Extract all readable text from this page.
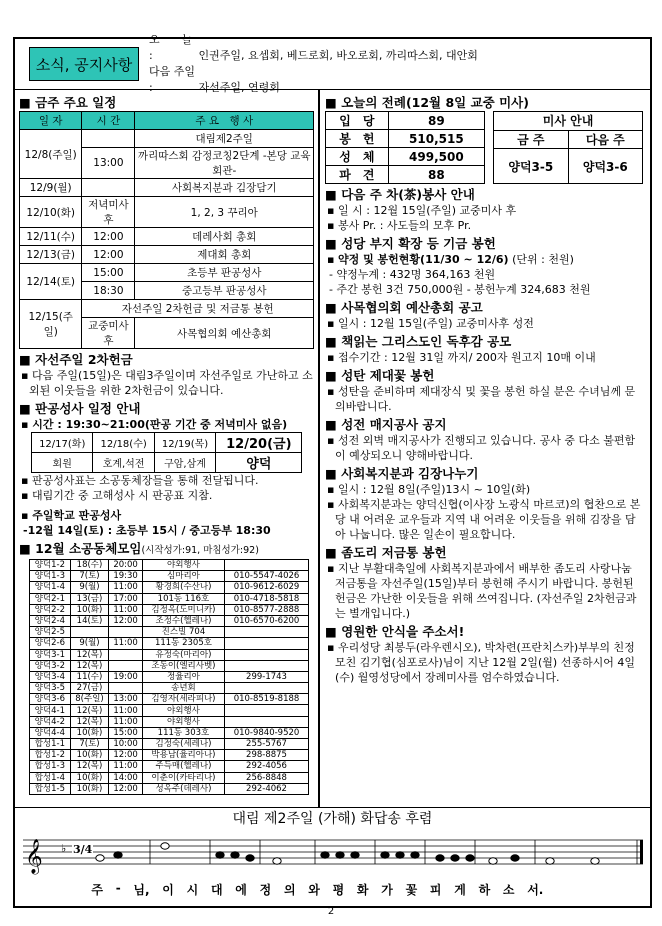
소식, 공지사항
오　　늘 :	인권주일, 요셉회, 베드로회, 바오로회, 까리따스회, 대안회
다음 주일 :	자선주일, 연령회
■ 금주 주요 일정
일 자	시 간	주 요　행 사
12/8(주일)		대림제2주일
	13:00	까리따스회 감정코칭2단계 -본당 교육회관-
12/9(월)		사회복지분과 김장담기
12/10(화)	저녁미사후	1, 2, 3 꾸리아
12/11(수)	12:00	데레사회 총회
12/13(금)	12:00	제대회 총회
12/14(토)	15:00	초등부 판공성사
	18:30	중고등부 판공성사
12/15(주일)	자선주일 2차헌금 및 저금통 봉헌	
	교중미사후	사목협의회 예산총회
■ 자선주일 2차헌금
▪ 다음 주일(15일)은 대림3주일이며 자선주일로 가난하고 소외된 이웃들을 위한 2차헌금이 있습니다.
■ 판공성사 일정 안내
▪ 시간 : 19:30~21:00(판공 기간 중 저녁미사 없음)
12/17(화)	12/18(수)	12/19(목)	12/20(금)
회원	호계,석전	구암,삼계	양덕
▪ 판공성사표는 소공동체장들을 통해 전달됩니다.
▪ 대림기간 중 고해성사 시 판공표 지참.
▪ 주일학교 판공성사
-12월 14일(토) : 초등부 15시 / 중고등부 18:30
■ 12월 소공동체모임(시작성가:91, 마침성가:92)
양덕1-2	18(수)	20:00	야외행사	
양덕1-3	7(토)	19:30	심마리아	010-5547-4026
양덕1-4	9(월)	11:00	황경희(수산나)	010-9612-6029
양덕2-1	13(금)	17:00	101동 116호	010-4718-5818
양덕2-2	10(화)	11:00	김정옥(도미니카)	010-8577-2888
양덕2-4	14(토)	12:00	조정수(헬레나)	010-6570-6200
양덕2-5			진스빌 704	
양덕2-6	9(월)	11:00	111동 2305호	
양덕3-1	12(목)		유정숙(마리아)	
양덕3-2	12(목)		조동이(엘리사벳)	
양덕3-4	11(수)	19:00	정율리아	299-1743
양덕3-5	27(금)		송년회	
양덕3-6	8(주일)	13:00	김영자(세라피나)	010-8519-8188
양덕4-1	12(목)	11:00	야외행사	
양덕4-2	12(목)	11:00	야외행사	
양덕4-4	10(화)	15:00	111동 303호	010-9840-9520
합성1-1	7(토)	10:00	김정숙(세레나)	255-5767
합성1-2	10(화)	12:00	박용남(율리아나)	298-8875
합성1-3	12(목)	11:00	주득매(헬레나)	292-4056
합성1-4	10(화)	14:00	이춘이(카타리나)	256-8848
합성1-5	10(화)	12:00	성옥주(데레사)	292-4062
■ 오늘의 전례(12월 8일 교중 미사)
입　당	89
봉　헌	510,515
성　체	499,500
파　견	88
미사 안내	
금 주	다음 주
양덕3-5	양덕3-6
■ 다음 주 차(茶)봉사 안내
▪ 일 시 : 12월 15일(주일) 교중미사 후
▪ 봉사 Pr. : 사도들의 모후 Pr.
■ 성당 부지 확장 등 기금 봉헌
▪ 약정 및 봉헌현황(11/30 ~ 12/6) (단위 : 천원)
- 약정누계 : 432명 364,163 천원
- 주간 봉헌 3건 750,000원 - 봉헌누계 324,683 천원
■ 사목협의회 예산총회 공고
▪ 일시 : 12월 15일(주일) 교중미사후 성전
■ 책읽는 그리스도인 독후감 공모
▪ 접수기간 : 12월 31일 까지/ 200자 원고지 10매 이내
■ 성탄 제대꽃 봉헌
▪ 성탄을 준비하며 제대장식 및 꽃을 봉헌 하실 분은 수녀님께 문의바랍니다.
■ 성전 매지공사 공지
▪ 성전 외벽 매지공사가 진행되고 있습니다. 공사 중 다소 불편함이 예상되오니 양해바랍니다.
■ 사회복지분과 김장나누기
▪ 일시 : 12월 8일(주일)13시 ~ 10일(화)
▪ 사회복지분과는 양덕신협(이사장 노광식 마르코)의 협찬으로 본당 내 어려운 교우들과 지역 내 어려운 이웃들을 위해 김장을 담아 나눕니다. 많은 일손이 필요합니다.
■ 좀도리 저금통 봉헌
▪ 지난 부활대축일에 사회복지분과에서 배부한 좀도리 사랑나눔 저금통을 자선주일(15일)부터 봉헌해 주시기 바랍니다. 봉헌된 헌금은 가난한 이웃들을 위해 쓰여집니다. (자선주일 2차헌금과는 별개입니다.)
■ 영원한 안식을 주소서!
▪ 우리성당 최봉두(라우렌시오), 박차련(프란치스카)부부의 친정모친 김기협(심포로사)님이 지난 12월 2일(월) 선종하시어 4일(수) 월영성당에서 장례미사를 엄수하였습니다.
대림 제2주일 (가해) 화답송 후렴
𝄞 ♭ 3/4
주 - 님, 이 시 대 에 정 의 와 평 화 가 꽃 피 게 하 소 서.
2
